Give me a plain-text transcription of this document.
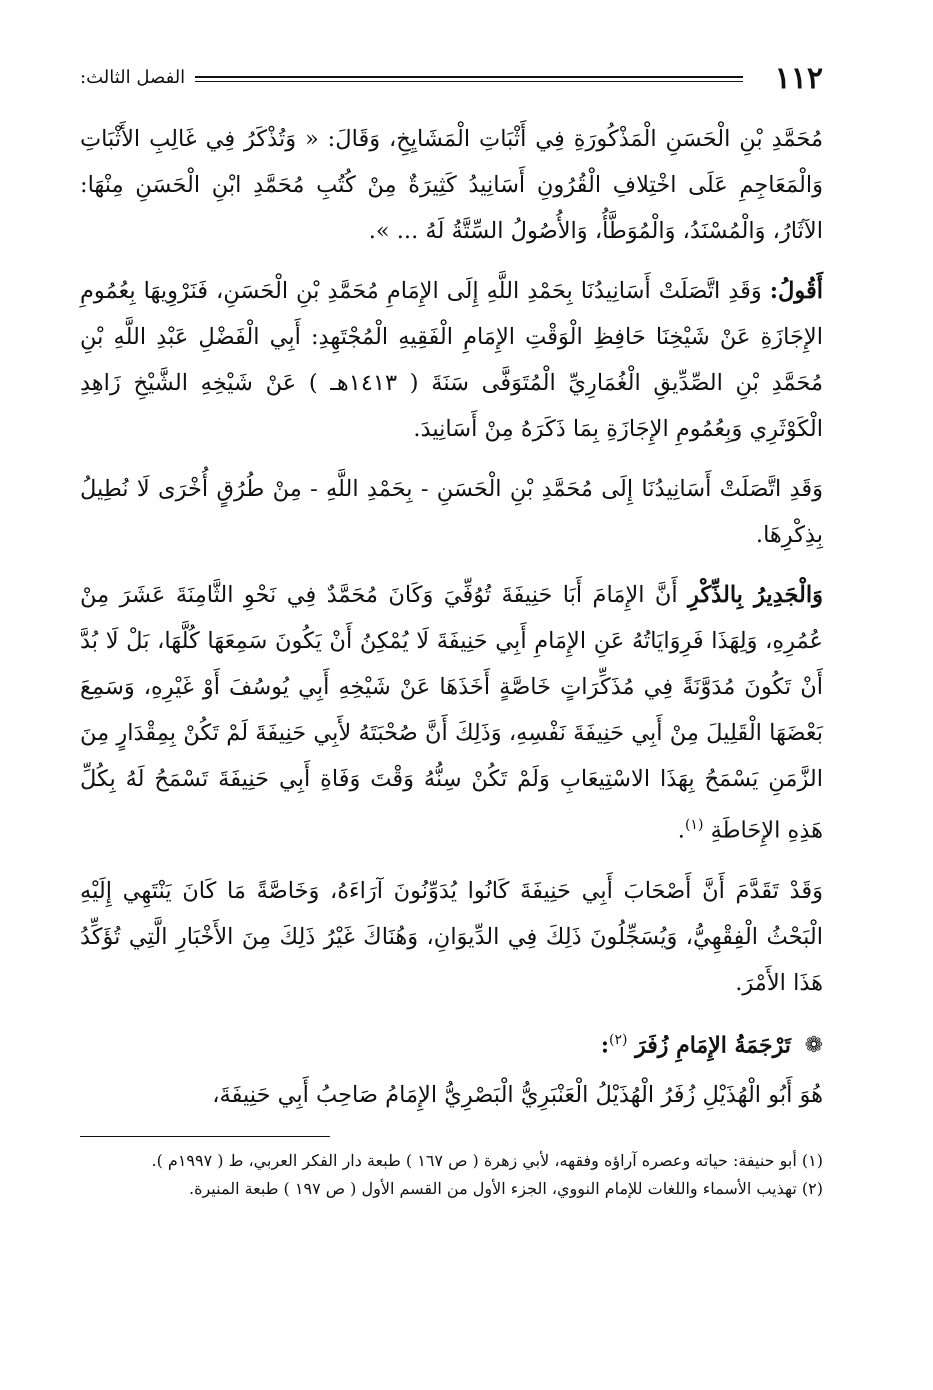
١١٢
الفصل الثالث:

مُحَمَّدِ بْنِ الْحَسَنِ الْمَذْكُورَةِ فِي أَثْبَاتِ الْمَشَايِخِ، وَقَالَ: « وَتُذْكَرُ فِي غَالِبِ الأَثْبَاتِ وَالْمَعَاجِمِ عَلَى اخْتِلافِ الْقُرُونِ أَسَانِيدُ كَثِيرَةٌ مِنْ كُتُبِ مُحَمَّدِ ابْنِ الْحَسَنِ مِنْهَا: الآثَارُ، وَالْمُسْنَدُ، وَالْمُوَطَّأُ، وَالأُصُولُ السِّتَّةُ لَهُ ... ».

أَقُولُ: وَقَدِ اتَّصَلَتْ أَسَانِيدُنَا بِحَمْدِ اللَّهِ إِلَى الإِمَامِ مُحَمَّدِ بْنِ الْحَسَنِ، فَنَرْوِيهَا بِعُمُومِ الإِجَازَةِ عَنْ شَيْخِنَا حَافِظِ الْوَقْتِ الإِمَامِ الْفَقِيهِ الْمُجْتَهِدِ: أَبِي الْفَضْلِ عَبْدِ اللَّهِ بْنِ مُحَمَّدِ بْنِ الصِّدِّيقِ الْغُمَارِيِّ الْمُتَوَفَّى سَنَةَ ( ١٤١٣هـ ) عَنْ شَيْخِهِ الشَّيْخِ زَاهِدِ الْكَوْثَرِي وَبِعُمُومِ الإِجَازَةِ بِمَا ذَكَرَهُ مِنْ أَسَانِيدَ.

وَقَدِ اتَّصَلَتْ أَسَانِيدُنَا إِلَى مُحَمَّدِ بْنِ الْحَسَنِ - بِحَمْدِ اللَّهِ - مِنْ طُرُقٍ أُخْرَى لَا نُطِيلُ بِذِكْرِهَا.

وَالْجَدِيرُ بِالذِّكْرِ أَنَّ الإِمَامَ أَبَا حَنِيفَةَ تُوُفِّيَ وَكَانَ مُحَمَّدٌ فِي نَحْوِ الثَّامِنَةَ عَشَرَ مِنْ عُمُرِهِ، وَلِهَذَا فَرِوَايَاتُهُ عَنِ الإِمَامِ أَبِي حَنِيفَةَ لَا يُمْكِنُ أَنْ يَكُونَ سَمِعَهَا كُلَّهَا، بَلْ لَا بُدَّ أَنْ تَكُونَ مُدَوَّنَةً فِي مُذَكِّرَاتٍ خَاصَّةٍ أَخَذَهَا عَنْ شَيْخِهِ أَبِي يُوسُفَ أَوْ غَيْرِهِ، وَسَمِعَ بَعْضَهَا الْقَلِيلَ مِنْ أَبِي حَنِيفَةَ نَفْسِهِ، وَذَلِكَ أَنَّ صُحْبَتَهُ لأَبِي حَنِيفَةَ لَمْ تَكُنْ بِمِقْدَارٍ مِنَ الزَّمَنِ يَسْمَحُ بِهَذَا الاسْتِيعَابِ وَلَمْ تَكُنْ سِنُّهُ وَقْتَ وَفَاةِ أَبِي حَنِيفَةَ تَسْمَحُ لَهُ بِكُلِّ هَذِهِ الإِحَاطَةِ $^{(١)}$.

وَقَدْ تَقَدَّمَ أَنَّ أَصْحَابَ أَبِي حَنِيفَةَ كَانُوا يُدَوِّنُونَ آرَاءَهُ، وَخَاصَّةً مَا كَانَ يَنْتَهِي إِلَيْهِ الْبَحْثُ الْفِقْهِيُّ، وَيُسَجِّلُونَ ذَلِكَ فِي الدِّيوَانِ، وَهُنَاكَ غَيْرُ ذَلِكَ مِنَ الأَخْبَارِ الَّتِي تُؤَكِّدُ هَذَا الأَمْرَ.

❁ تَرْجَمَةُ الإِمَامِ زُفَرَ $^{(٢)}$:

هُوَ أَبُو الْهُذَيْلِ زُفَرُ الْهُذَيْلُ الْعَنْبَرِيُّ الْبَصْرِيُّ الإِمَامُ صَاحِبُ أَبِي حَنِيفَةَ،

(١) أبو حنيفة: حياته وعصره آراؤه وفقهه، لأبي زهرة ( ص ١٦٧ ) طبعة دار الفكر العربي، ط ( ١٩٩٧م ).

(٢) تهذيب الأسماء واللغات للإمام النووي، الجزء الأول من القسم الأول ( ص ١٩٧ ) طبعة المنيرة.
